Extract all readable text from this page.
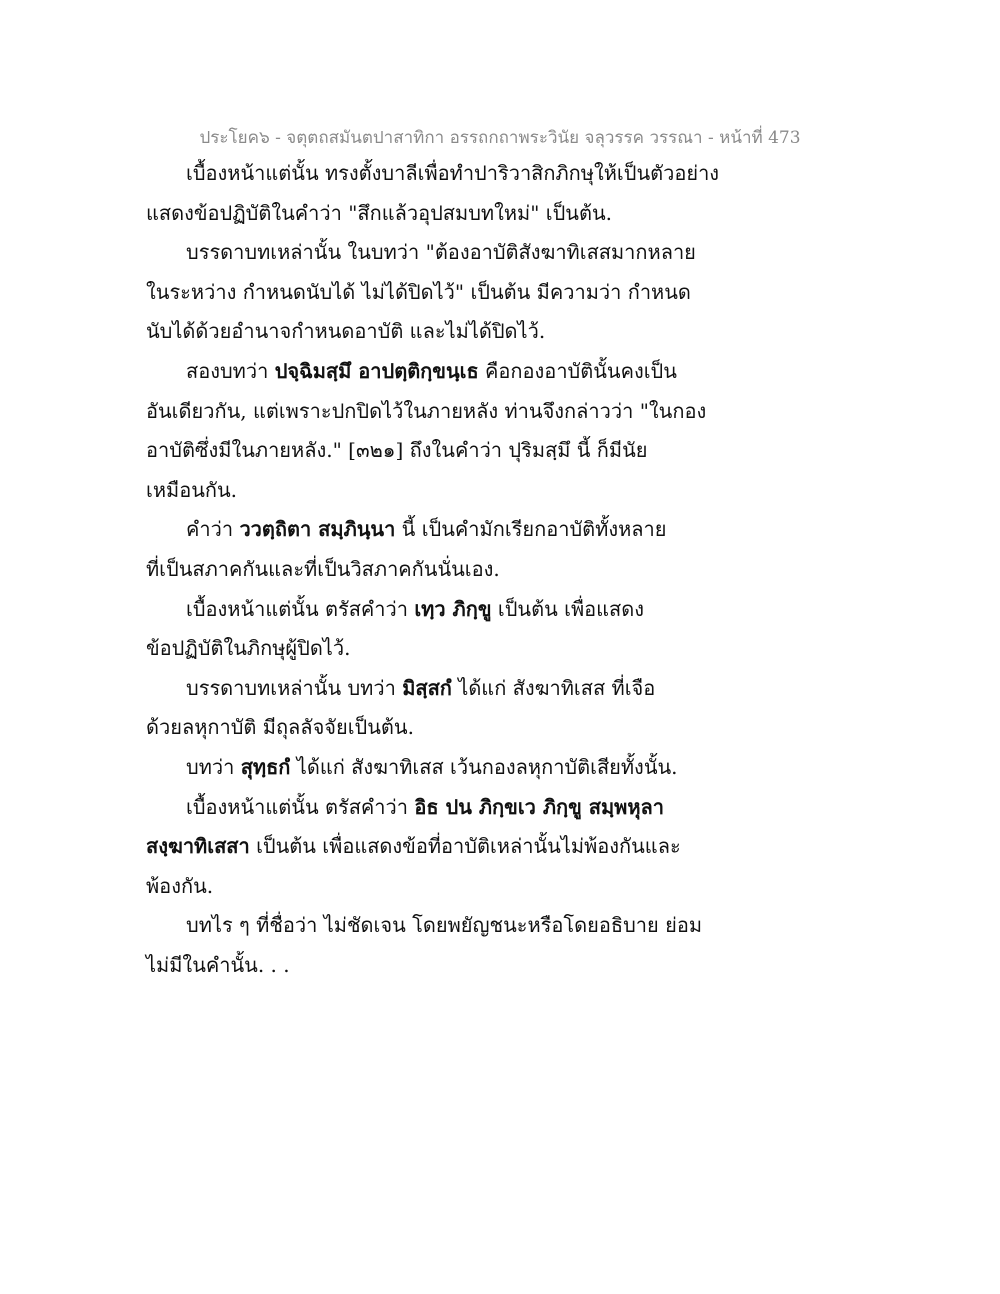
ประโยค๖ - จตุตถสมันตปาสาทิกา อรรถกถาพระวินัย จลุวรรค วรรณา - หน้าที่ 473
เบื้องหน้าแต่นั้น ทรงตั้งบาลีเพื่อทำปาริวาสิกภิกษุให้เป็นตัวอย่าง
แสดงข้อปฏิบัติในคำว่า "สึกแล้วอุปสมบทใหม่" เป็นต้น.
บรรดาบทเหล่านั้น ในบทว่า "ต้องอาบัติสังฆาทิเสสมากหลาย
ในระหว่าง กำหนดนับได้ ไม่ได้ปิดไว้" เป็นต้น มีความว่า กำหนด
นับได้ด้วยอำนาจกำหนดอาบัติ และไม่ได้ปิดไว้.
สองบทว่า ปจฺฉิมสฺมึ อาปตฺติกฺขนฺเธ คือกองอาบัตินั้นคงเป็น
อันเดียวกัน, แต่เพราะปกปิดไว้ในภายหลัง ท่านจึงกล่าวว่า "ในกอง
อาบัติซึ่งมีในภายหลัง." [๓๒๑] ถึงในคำว่า ปุริมสฺมึ นี้ ก็มีนัย
เหมือนกัน.
คำว่า ววตฺถิตา สมฺภินฺนา นี้ เป็นคำมักเรียกอาบัติทั้งหลาย
ที่เป็นสภาคกันและที่เป็นวิสภาคกันนั่นเอง.
เบื้องหน้าแต่นั้น ตรัสคำว่า เทฺว ภิกฺขู เป็นต้น เพื่อแสดง
ข้อปฏิบัติในภิกษุผู้ปิดไว้.
บรรดาบทเหล่านั้น บทว่า มิสฺสกํ ได้แก่ สังฆาทิเสส ที่เจือ
ด้วยลหุกาบัติ มีถุลลัจจัยเป็นต้น.
บทว่า สุทฺธกํ ได้แก่ สังฆาทิเสส เว้นกองลหุกาบัติเสียทั้งนั้น.
เบื้องหน้าแต่นั้น ตรัสคำว่า อิธ ปน ภิกฺขเว ภิกฺขู สมฺพหุลา
สงฺฆาทิเสสา เป็นต้น เพื่อแสดงข้อที่อาบัติเหล่านั้นไม่พ้องกันและ
พ้องกัน.
บทไร ๆ ที่ชื่อว่า ไม่ชัดเจน โดยพยัญชนะหรือโดยอธิบาย ย่อม
ไม่มีในคำนั้น. . .
